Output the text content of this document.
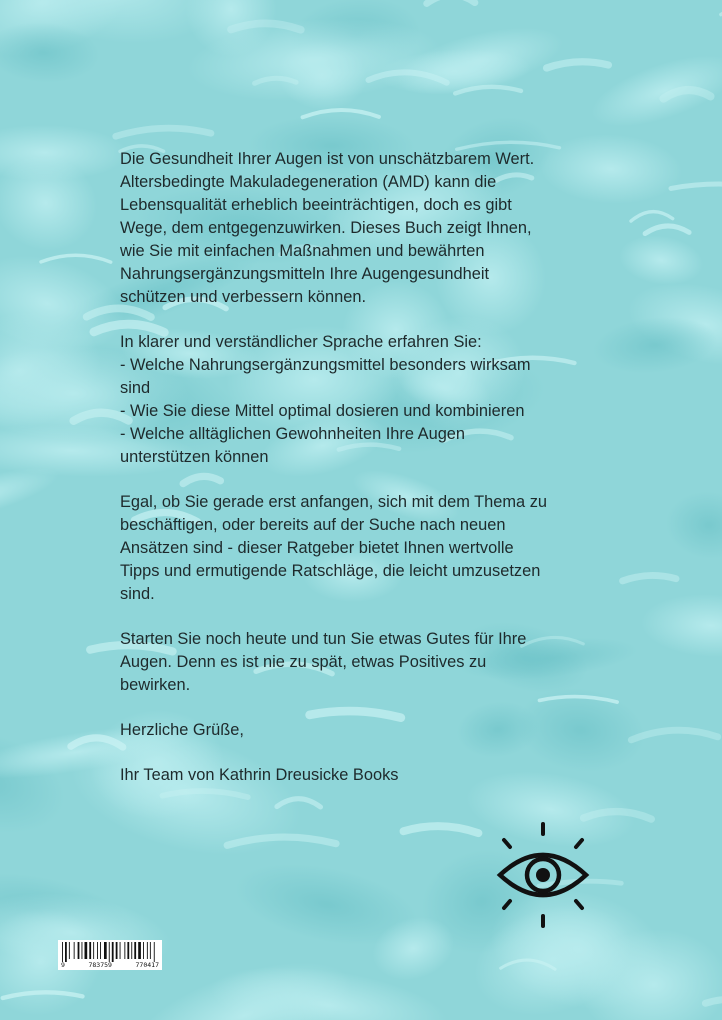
Die Gesundheit Ihrer Augen ist von unschätzbarem Wert.
Altersbedingte Makuladegeneration (AMD) kann die
Lebensqualität erheblich beeinträchtigen, doch es gibt
Wege, dem entgegenzuwirken. Dieses Buch zeigt Ihnen,
wie Sie mit einfachen Maßnahmen und bewährten
Nahrungsergänzungsmitteln Ihre Augengesundheit
schützen und verbessern können.

In klarer und verständlicher Sprache erfahren Sie:
- Welche Nahrungsergänzungsmittel besonders wirksam
sind
- Wie Sie diese Mittel optimal dosieren und kombinieren
- Welche alltäglichen Gewohnheiten Ihre Augen
unterstützen können

Egal, ob Sie gerade erst anfangen, sich mit dem Thema zu
beschäftigen, oder bereits auf der Suche nach neuen
Ansätzen sind - dieser Ratgeber bietet Ihnen wertvolle
Tipps und ermutigende Ratschläge, die leicht umzusetzen
sind.

Starten Sie noch heute und tun Sie etwas Gutes für Ihre
Augen. Denn es ist nie zu spät, etwas Positives zu
bewirken.

Herzliche Grüße,

Ihr Team von Kathrin Dreusicke Books

9	783759	770417
